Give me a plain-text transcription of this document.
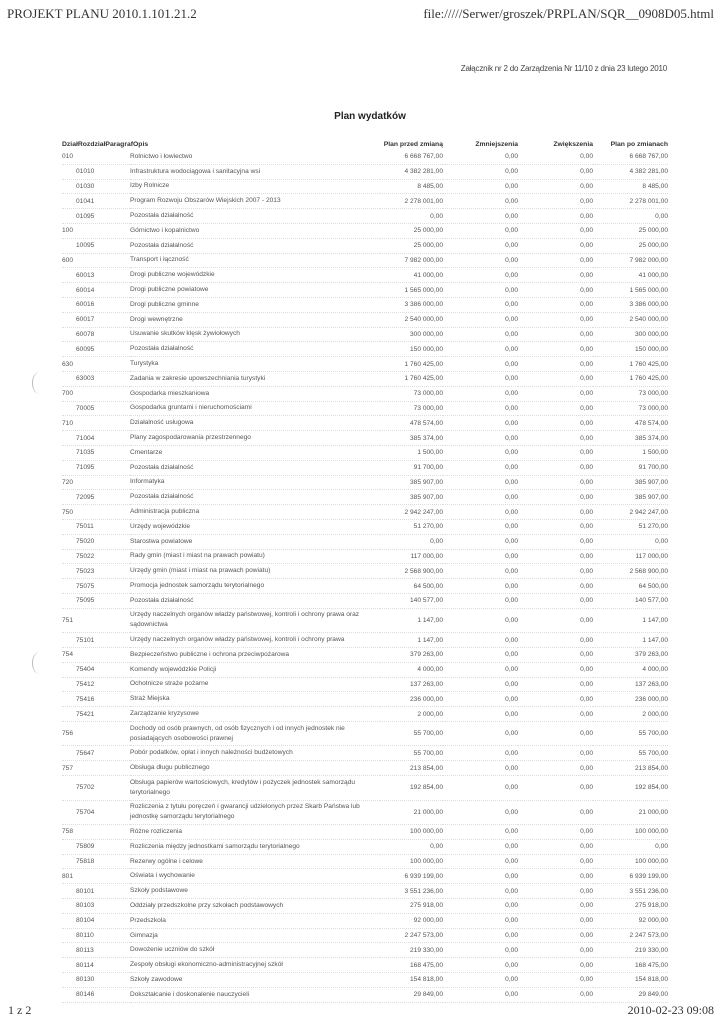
PROJEKT PLANU 2010.1.101.21.2	file://///Serwer/groszek/PRPLAN/SQR__0908D05.html
Załącznik nr 2 do Zarządzenia Nr 11/10 z dnia 23 lutego 2010
Plan wydatków
DziałRozdziałParagrafOpis		Plan przed zmianą	Zmniejszenia	Zwiększenia	Plan po zmianach
010	Rolnictwo i łowiectwo	6 668 767,00	0,00	0,00	6 668 767,00
01010	Infrastruktura wodociągowa i sanitacyjna wsi	4 382 281,00	0,00	0,00	4 382 281,00
01030	Izby Rolnicze	8 485,00	0,00	0,00	8 485,00
01041	Program Rozwoju Obszarów Wiejskich 2007 - 2013	2 278 001,00	0,00	0,00	2 278 001,00
01095	Pozostała działalność	0,00	0,00	0,00	0,00
100	Górnictwo i kopalnictwo	25 000,00	0,00	0,00	25 000,00
10095	Pozostała działalność	25 000,00	0,00	0,00	25 000,00
600	Transport i łączność	7 982 000,00	0,00	0,00	7 982 000,00
60013	Drogi publiczne wojewódzkie	41 000,00	0,00	0,00	41 000,00
60014	Drogi publiczne powiatowe	1 565 000,00	0,00	0,00	1 565 000,00
60016	Drogi publiczne gminne	3 386 000,00	0,00	0,00	3 386 000,00
60017	Drogi wewnętrzne	2 540 000,00	0,00	0,00	2 540 000,00
60078	Usuwanie skutków klęsk żywiołowych	300 000,00	0,00	0,00	300 000,00
60095	Pozostała działalność	150 000,00	0,00	0,00	150 000,00
630	Turystyka	1 760 425,00	0,00	0,00	1 760 425,00
63003	Zadania w zakresie upowszechniania turystyki	1 760 425,00	0,00	0,00	1 760 425,00
700	Gospodarka mieszkaniowa	73 000,00	0,00	0,00	73 000,00
70005	Gospodarka gruntami i nieruchomościami	73 000,00	0,00	0,00	73 000,00
710	Działalność usługowa	478 574,00	0,00	0,00	478 574,00
71004	Plany zagospodarowania przestrzennego	385 374,00	0,00	0,00	385 374,00
71035	Cmentarze	1 500,00	0,00	0,00	1 500,00
71095	Pozostała działalność	91 700,00	0,00	0,00	91 700,00
720	Informatyka	385 907,00	0,00	0,00	385 907,00
72095	Pozostała działalność	385 907,00	0,00	0,00	385 907,00
750	Administracja publiczna	2 942 247,00	0,00	0,00	2 942 247,00
75011	Urzędy wojewódzkie	51 270,00	0,00	0,00	51 270,00
75020	Starostwa powiatowe	0,00	0,00	0,00	0,00
75022	Rady gmin (miast i miast na prawach powiatu)	117 000,00	0,00	0,00	117 000,00
75023	Urzędy gmin (miast i miast na prawach powiatu)	2 568 900,00	0,00	0,00	2 568 900,00
75075	Promocja jednostek samorządu terytorialnego	64 500,00	0,00	0,00	64 500,00
75095	Pozostała działalność	140 577,00	0,00	0,00	140 577,00
751	Urzędy naczelnych organów władzy państwowej, kontroli i ochrony prawa oraz sądownictwa	1 147,00	0,00	0,00	1 147,00
75101	Urzędy naczelnych organów władzy państwowej, kontroli i ochrony prawa	1 147,00	0,00	0,00	1 147,00
754	Bezpieczeństwo publiczne i ochrona przeciwpożarowa	379 263,00	0,00	0,00	379 263,00
75404	Komendy wojewódzkie Policji	4 000,00	0,00	0,00	4 000,00
75412	Ochotnicze straże pożarne	137 263,00	0,00	0,00	137 263,00
75416	Straż Miejska	236 000,00	0,00	0,00	236 000,00
75421	Zarządzanie kryzysowe	2 000,00	0,00	0,00	2 000,00
756	Dochody od osób prawnych, od osób fizycznych i od innych jednostek nie posiadających osobowości prawnej	55 700,00	0,00	0,00	55 700,00
75647	Pobór podatków, opłat i innych należności budżetowych	55 700,00	0,00	0,00	55 700,00
757	Obsługa długu publicznego	213 854,00	0,00	0,00	213 854,00
75702	Obsługa papierów wartościowych, kredytów i pożyczek jednostek samorządu terytorialnego	192 854,00	0,00	0,00	192 854,00
75704	Rozliczenia z tytułu poręczeń i gwarancji udzielonych przez Skarb Państwa lub jednostkę samorządu terytorialnego	21 000,00	0,00	0,00	21 000,00
758	Różne rozliczenia	100 000,00	0,00	0,00	100 000,00
75809	Rozliczenia między jednostkami samorządu terytorialnego	0,00	0,00	0,00	0,00
75818	Rezerwy ogólne i celowe	100 000,00	0,00	0,00	100 000,00
801	Oświata i wychowanie	6 939 199,00	0,00	0,00	6 939 199,00
80101	Szkoły podstawowe	3 551 236,00	0,00	0,00	3 551 236,00
80103	Oddziały przedszkolne przy szkołach podstawowych	275 918,00	0,00	0,00	275 918,00
80104	Przedszkola	92 000,00	0,00	0,00	92 000,00
80110	Gimnazja	2 247 573,00	0,00	0,00	2 247 573,00
80113	Dowożenie uczniów do szkół	219 330,00	0,00	0,00	219 330,00
80114	Zespoły obsługi ekonomiczno-administracyjnej szkół	168 475,00	0,00	0,00	168 475,00
80130	Szkoły zawodowe	154 818,00	0,00	0,00	154 818,00
80146	Dokształcanie i doskonalenie nauczycieli	29 849,00	0,00	0,00	29 849,00
1 z 2	2010-02-23 09:08
